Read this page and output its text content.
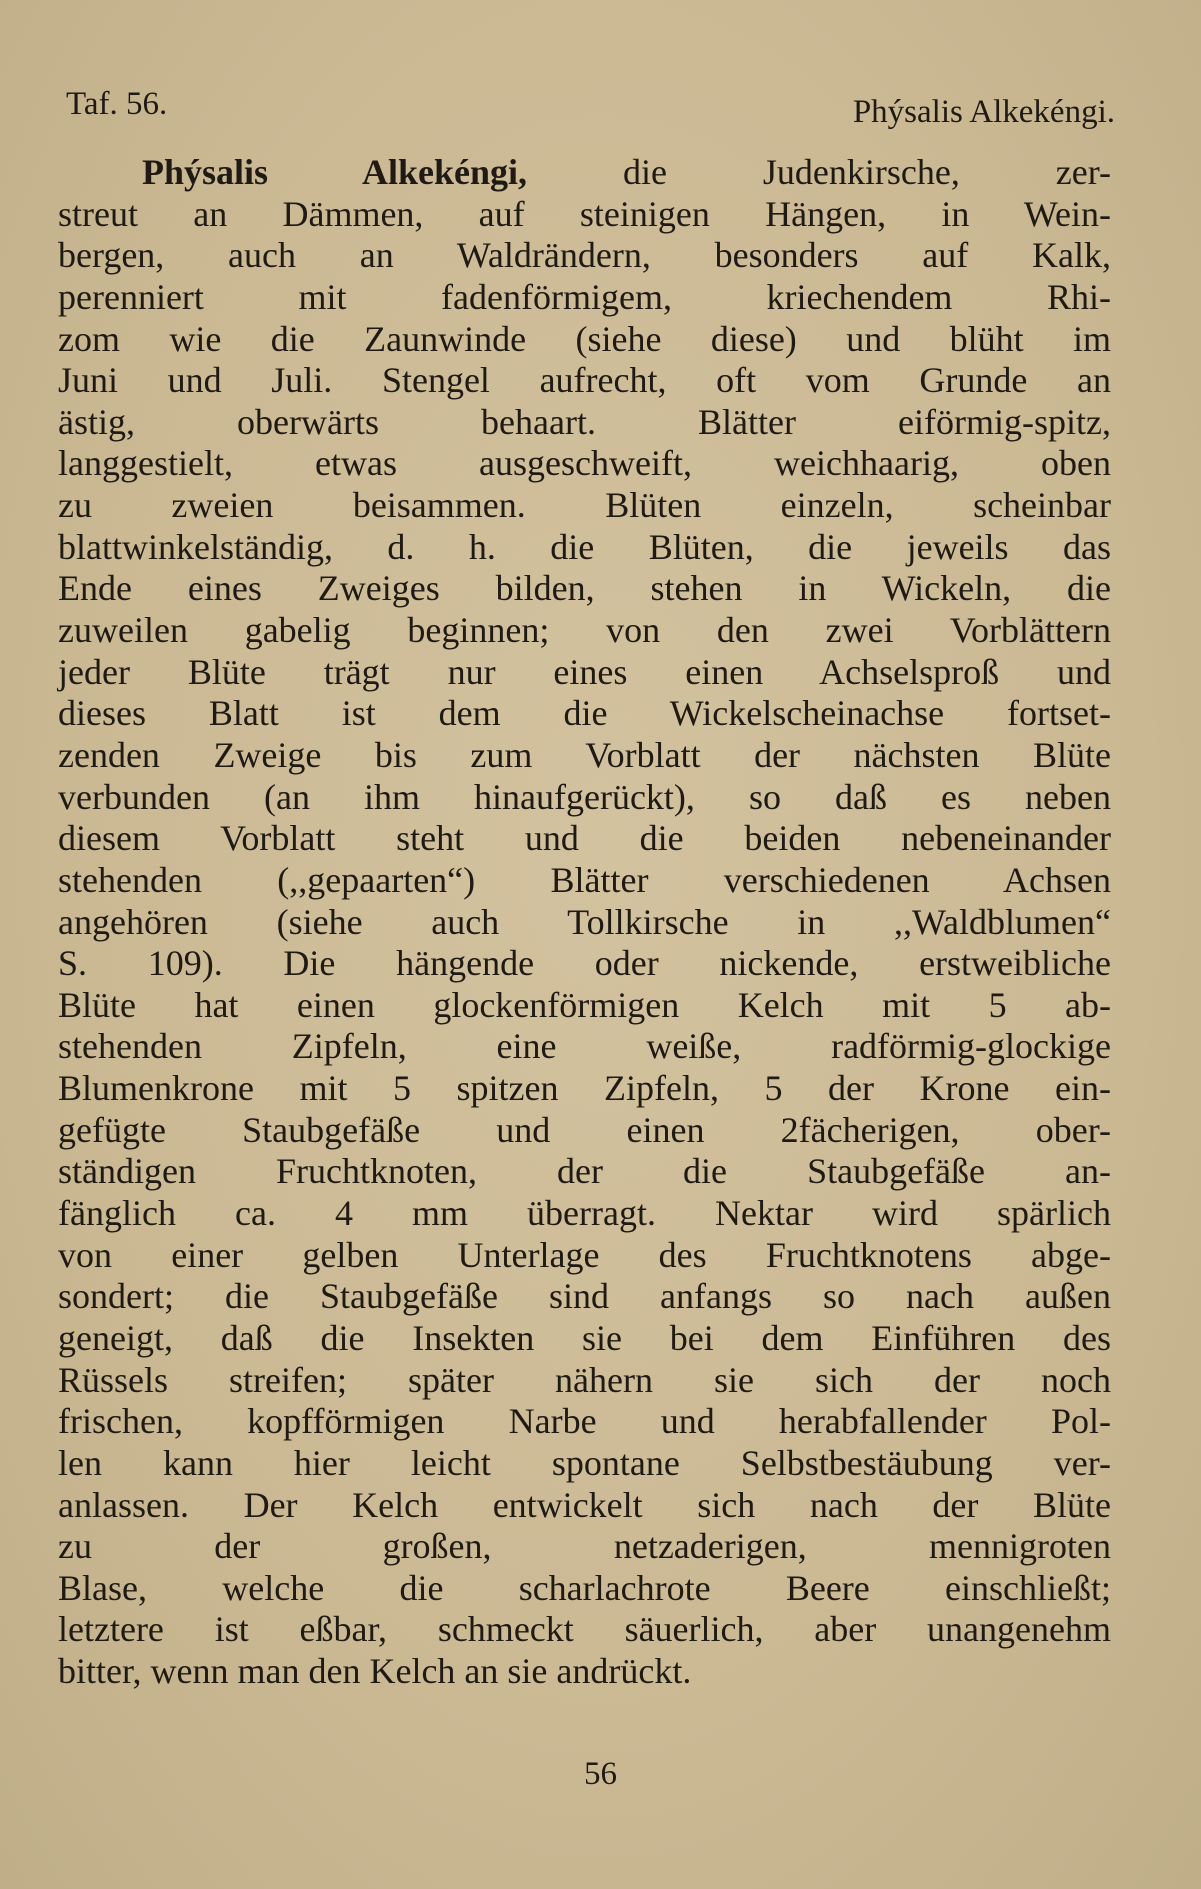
Taf. 56.	Phýsalis Alkekéngi.
Phýsalis Alkekéngi, die Judenkirsche, zer-
streut an Dämmen, auf steinigen Hängen, in Wein-
bergen, auch an Waldrändern, besonders auf Kalk,
perenniert mit fadenförmigem, kriechendem Rhi-
zom wie die Zaunwinde (siehe diese) und blüht im
Juni und Juli. Stengel aufrecht, oft vom Grunde an
ästig, oberwärts behaart. Blätter eiförmig-spitz,
langgestielt, etwas ausgeschweift, weichhaarig, oben
zu zweien beisammen. Blüten einzeln, scheinbar
blattwinkelständig, d. h. die Blüten, die jeweils das
Ende eines Zweiges bilden, stehen in Wickeln, die
zuweilen gabelig beginnen; von den zwei Vorblättern
jeder Blüte trägt nur eines einen Achselsproß und
dieses Blatt ist dem die Wickelscheinachse fortset-
zenden Zweige bis zum Vorblatt der nächsten Blüte
verbunden (an ihm hinaufgerückt), so daß es neben
diesem Vorblatt steht und die beiden nebeneinander
stehenden (,,gepaarten“) Blätter verschiedenen Achsen
angehören (siehe auch Tollkirsche in ,,Waldblumen“
S. 109). Die hängende oder nickende, erstweibliche
Blüte hat einen glockenförmigen Kelch mit 5 ab-
stehenden Zipfeln, eine weiße, radförmig-glockige
Blumenkrone mit 5 spitzen Zipfeln, 5 der Krone ein-
gefügte Staubgefäße und einen 2fächerigen, ober-
ständigen Fruchtknoten, der die Staubgefäße an-
fänglich ca. 4 mm überragt. Nektar wird spärlich
von einer gelben Unterlage des Fruchtknotens abge-
sondert; die Staubgefäße sind anfangs so nach außen
geneigt, daß die Insekten sie bei dem Einführen des
Rüssels streifen; später nähern sie sich der noch
frischen, kopfförmigen Narbe und herabfallender Pol-
len kann hier leicht spontane Selbstbestäubung ver-
anlassen. Der Kelch entwickelt sich nach der Blüte
zu der großen, netzaderigen, mennigroten
Blase, welche die scharlachrote Beere einschließt;
letztere ist eßbar, schmeckt säuerlich, aber unangenehm
bitter, wenn man den Kelch an sie andrückt.
56
